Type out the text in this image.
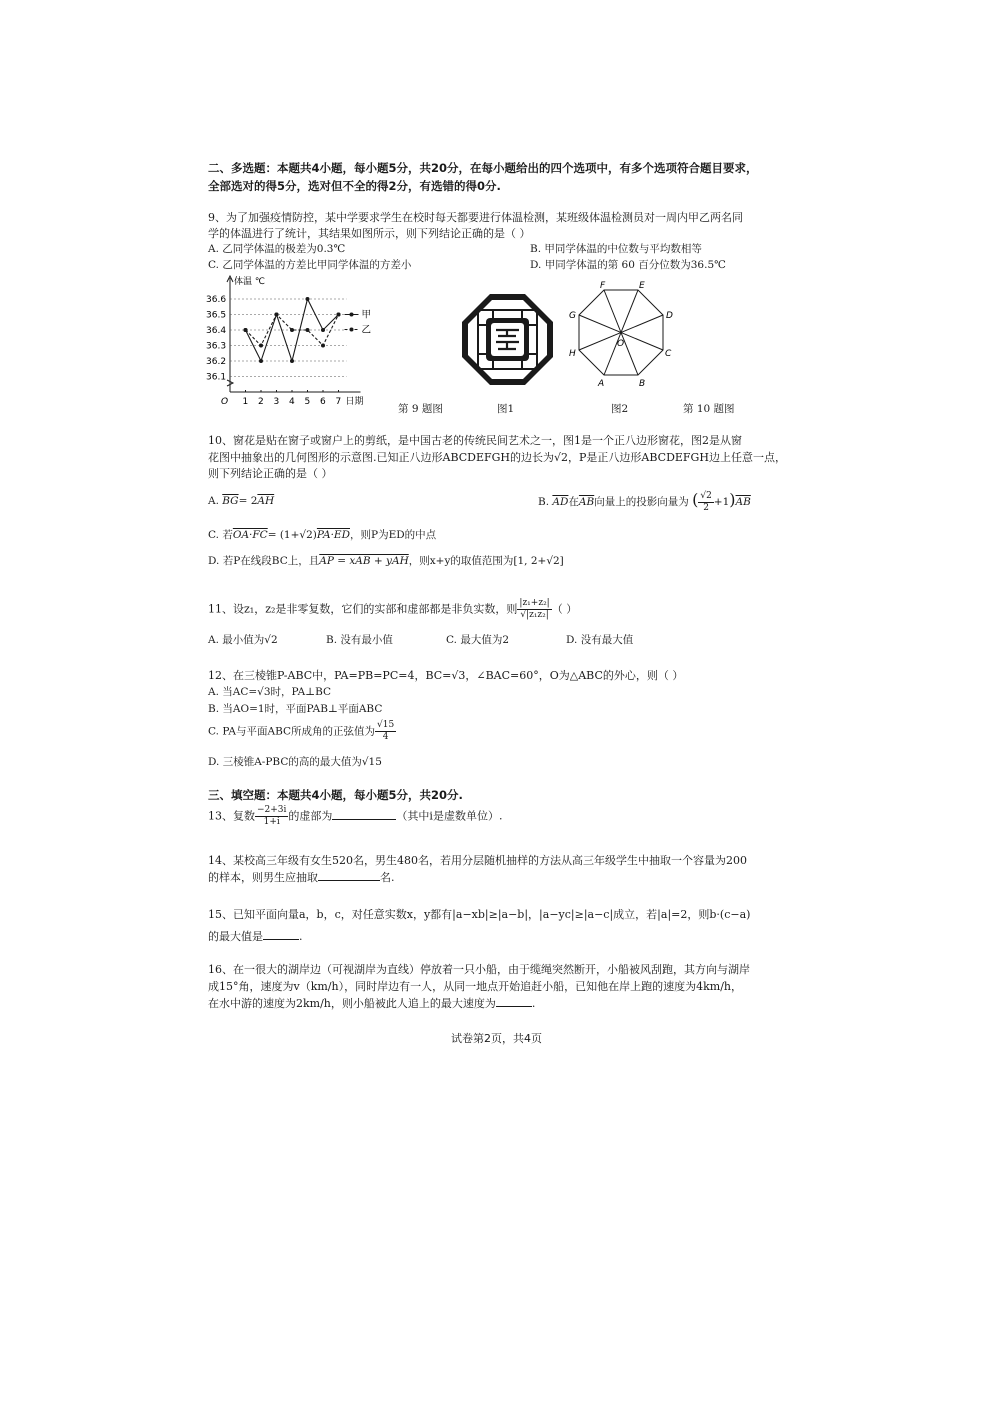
二、多选题：本题共4小题，每小题5分，共20分，在每小题给出的四个选项中，有多个选项符合题目要求，
全部选对的得5分，选对但不全的得2分，有选错的得0分.
9、为了加强疫情防控，某中学要求学生在校时每天都要进行体温检测，某班级体温检测员对一周内甲乙两名同
学的体温进行了统计，其结果如图所示，则下列结论正确的是（ ）
A. 乙同学体温的极差为0.3℃	B. 甲同学体温的中位数与平均数相等
C. 乙同学体温的方差比甲同学体温的方差小	D. 甲同学体温的第 60 百分位数为36.5℃
体温 ℃
36.6
36.5
36.4
36.3
36.2
36.1
1 2 3 4 5 6 7
O	日期
甲
乙
F	E
D
C
B
A
H
G
O
第 9 题图	图1	图2	第 10 题图
10、窗花是贴在窗子或窗户上的剪纸，是中国古老的传统民间艺术之一，图1是一个正八边形窗花，图2是从窗
花图中抽象出的几何图形的示意图.已知正八边形ABCDEFGH的边长为√2，P是正八边形ABCDEFGH边上任意一点，
则下列结论正确的是（ ）
A. $\overline{BG}= 2\overline{AH}$	B. $\overline{AD}$在$\overline{AB}$向量上的投影向量为 ( $\frac{√2}{2} +1)\overline{AB}$
C. 若OA·FC= (1+√2)PA·ED，则P为ED的中点
D. 若P在线段BC上，且AP = xAB + yAH，则x+y的取值范围为[1, 2+√2]
11、设z₁，z₂是非零复数，它们的实部和虚部都是非负实数，则 $\frac{\text{|z₁+z₂|}}{\text{√|z₁z₂|}}$ （ ）
A. 最小值为√2	B. 没有最小值	C. 最大值为2	D. 没有最大值
12、在三棱锥P-ABC中，PA=PB=PC=4，BC=√3，∠BAC=60°，O为△ABC的外心，则（ ）
A. 当AC=√3时，PA⊥BC
B. 当AO=1时，平面PAB⊥平面ABC
C. PA与平面ABC所成角的正弦值为 $\frac{√15}{4}$
D. 三棱锥A-PBC的高的最大值为√15
三、填空题：本题共4小题，每小题5分，共20分.
13、复数 $\frac{-2+3i}{1+i}$ 的虚部为	（其中i是虚数单位）.
14、某校高三年级有女生520名，男生480名，若用分层随机抽样的方法从高三年级学生中抽取一个容量为200
的样本，则男生应抽取	名.
15、已知平面向量a，b，c，对任意实数x，y都有|a−xb|≥|a−b|，|a−yc|≥|a−c|成立，若|a|=2，则b·(c−a)
的最大值是	.
16、在一很大的湖岸边（可视湖岸为直线）停放着一只小船，由于缆绳突然断开，小船被风刮跑，其方向与湖岸
成15°角，速度为v（km/h），同时岸边有一人，从同一地点开始追赶小船，已知他在岸上跑的速度为4km/h，
在水中游的速度为2km/h，则小船被此人追上的最大速度为	.
试卷第2页，共4页
